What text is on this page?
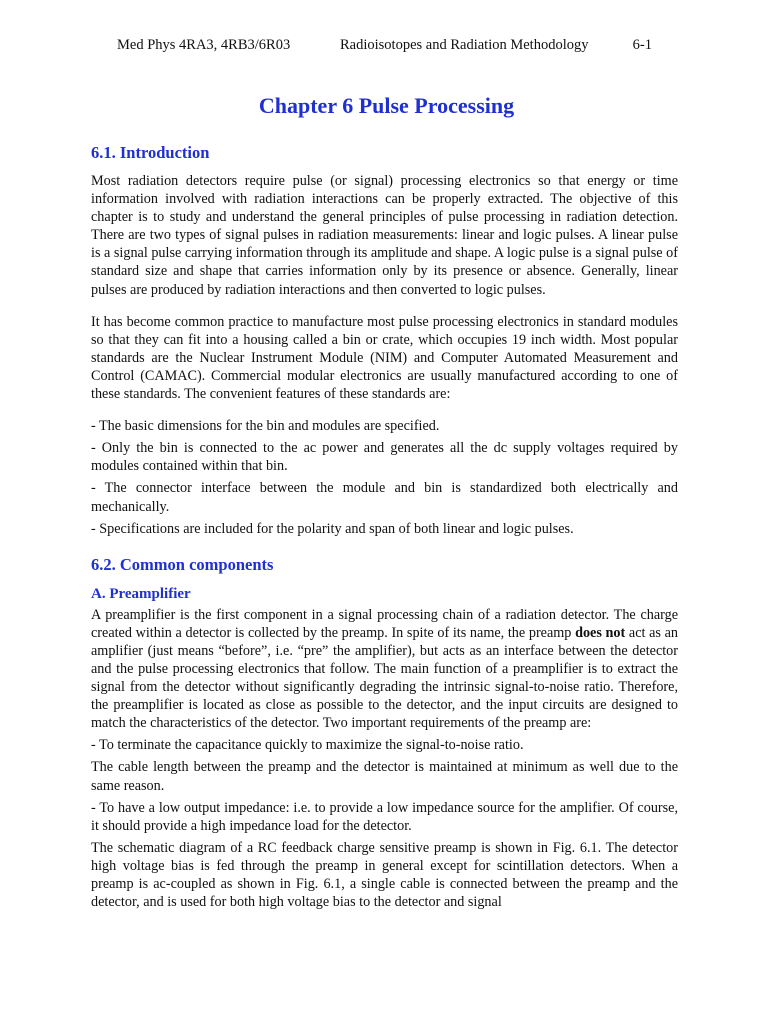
Med Phys 4RA3, 4RB3/6R03	Radioisotopes and Radiation Methodology	6-1
Chapter 6 Pulse Processing
6.1. Introduction

Most radiation detectors require pulse (or signal) processing electronics so that energy or time information involved with radiation interactions can be properly extracted. The objective of this chapter is to study and understand the general principles of pulse processing in radiation detection. There are two types of signal pulses in radiation measurements: linear and logic pulses. A linear pulse is a signal pulse carrying information through its amplitude and shape. A logic pulse is a signal pulse of standard size and shape that carries information only by its presence or absence. Generally, linear pulses are produced by radiation interactions and then converted to logic pulses.

It has become common practice to manufacture most pulse processing electronics in standard modules so that they can fit into a housing called a bin or crate, which occupies 19 inch width. Most popular standards are the Nuclear Instrument Module (NIM) and Computer Automated Measurement and Control (CAMAC). Commercial modular electronics are usually manufactured according to one of these standards. The convenient features of these standards are:

- The basic dimensions for the bin and modules are specified.

- Only the bin is connected to the ac power and generates all the dc supply voltages required by modules contained within that bin.

- The connector interface between the module and bin is standardized both electrically and mechanically.

- Specifications are included for the polarity and span of both linear and logic pulses.

6.2. Common components
A. Preamplifier

A preamplifier is the first component in a signal processing chain of a radiation detector. The charge created within a detector is collected by the preamp. In spite of its name, the preamp does not act as an amplifier (just means “before”, i.e. “pre” the amplifier), but acts as an interface between the detector and the pulse processing electronics that follow. The main function of a preamplifier is to extract the signal from the detector without significantly degrading the intrinsic signal-to-noise ratio. Therefore, the preamplifier is located as close as possible to the detector, and the input circuits are designed to match the characteristics of the detector. Two important requirements of the preamp are:

- To terminate the capacitance quickly to maximize the signal-to-noise ratio.

The cable length between the preamp and the detector is maintained at minimum as well due to the same reason.

- To have a low output impedance: i.e. to provide a low impedance source for the amplifier. Of course, it should provide a high impedance load for the detector.

The schematic diagram of a RC feedback charge sensitive preamp is shown in Fig. 6.1. The detector high voltage bias is fed through the preamp in general except for scintillation detectors. When a preamp is ac-coupled as shown in Fig. 6.1, a single cable is connected between the preamp and the detector, and is used for both high voltage bias to the detector and signal
